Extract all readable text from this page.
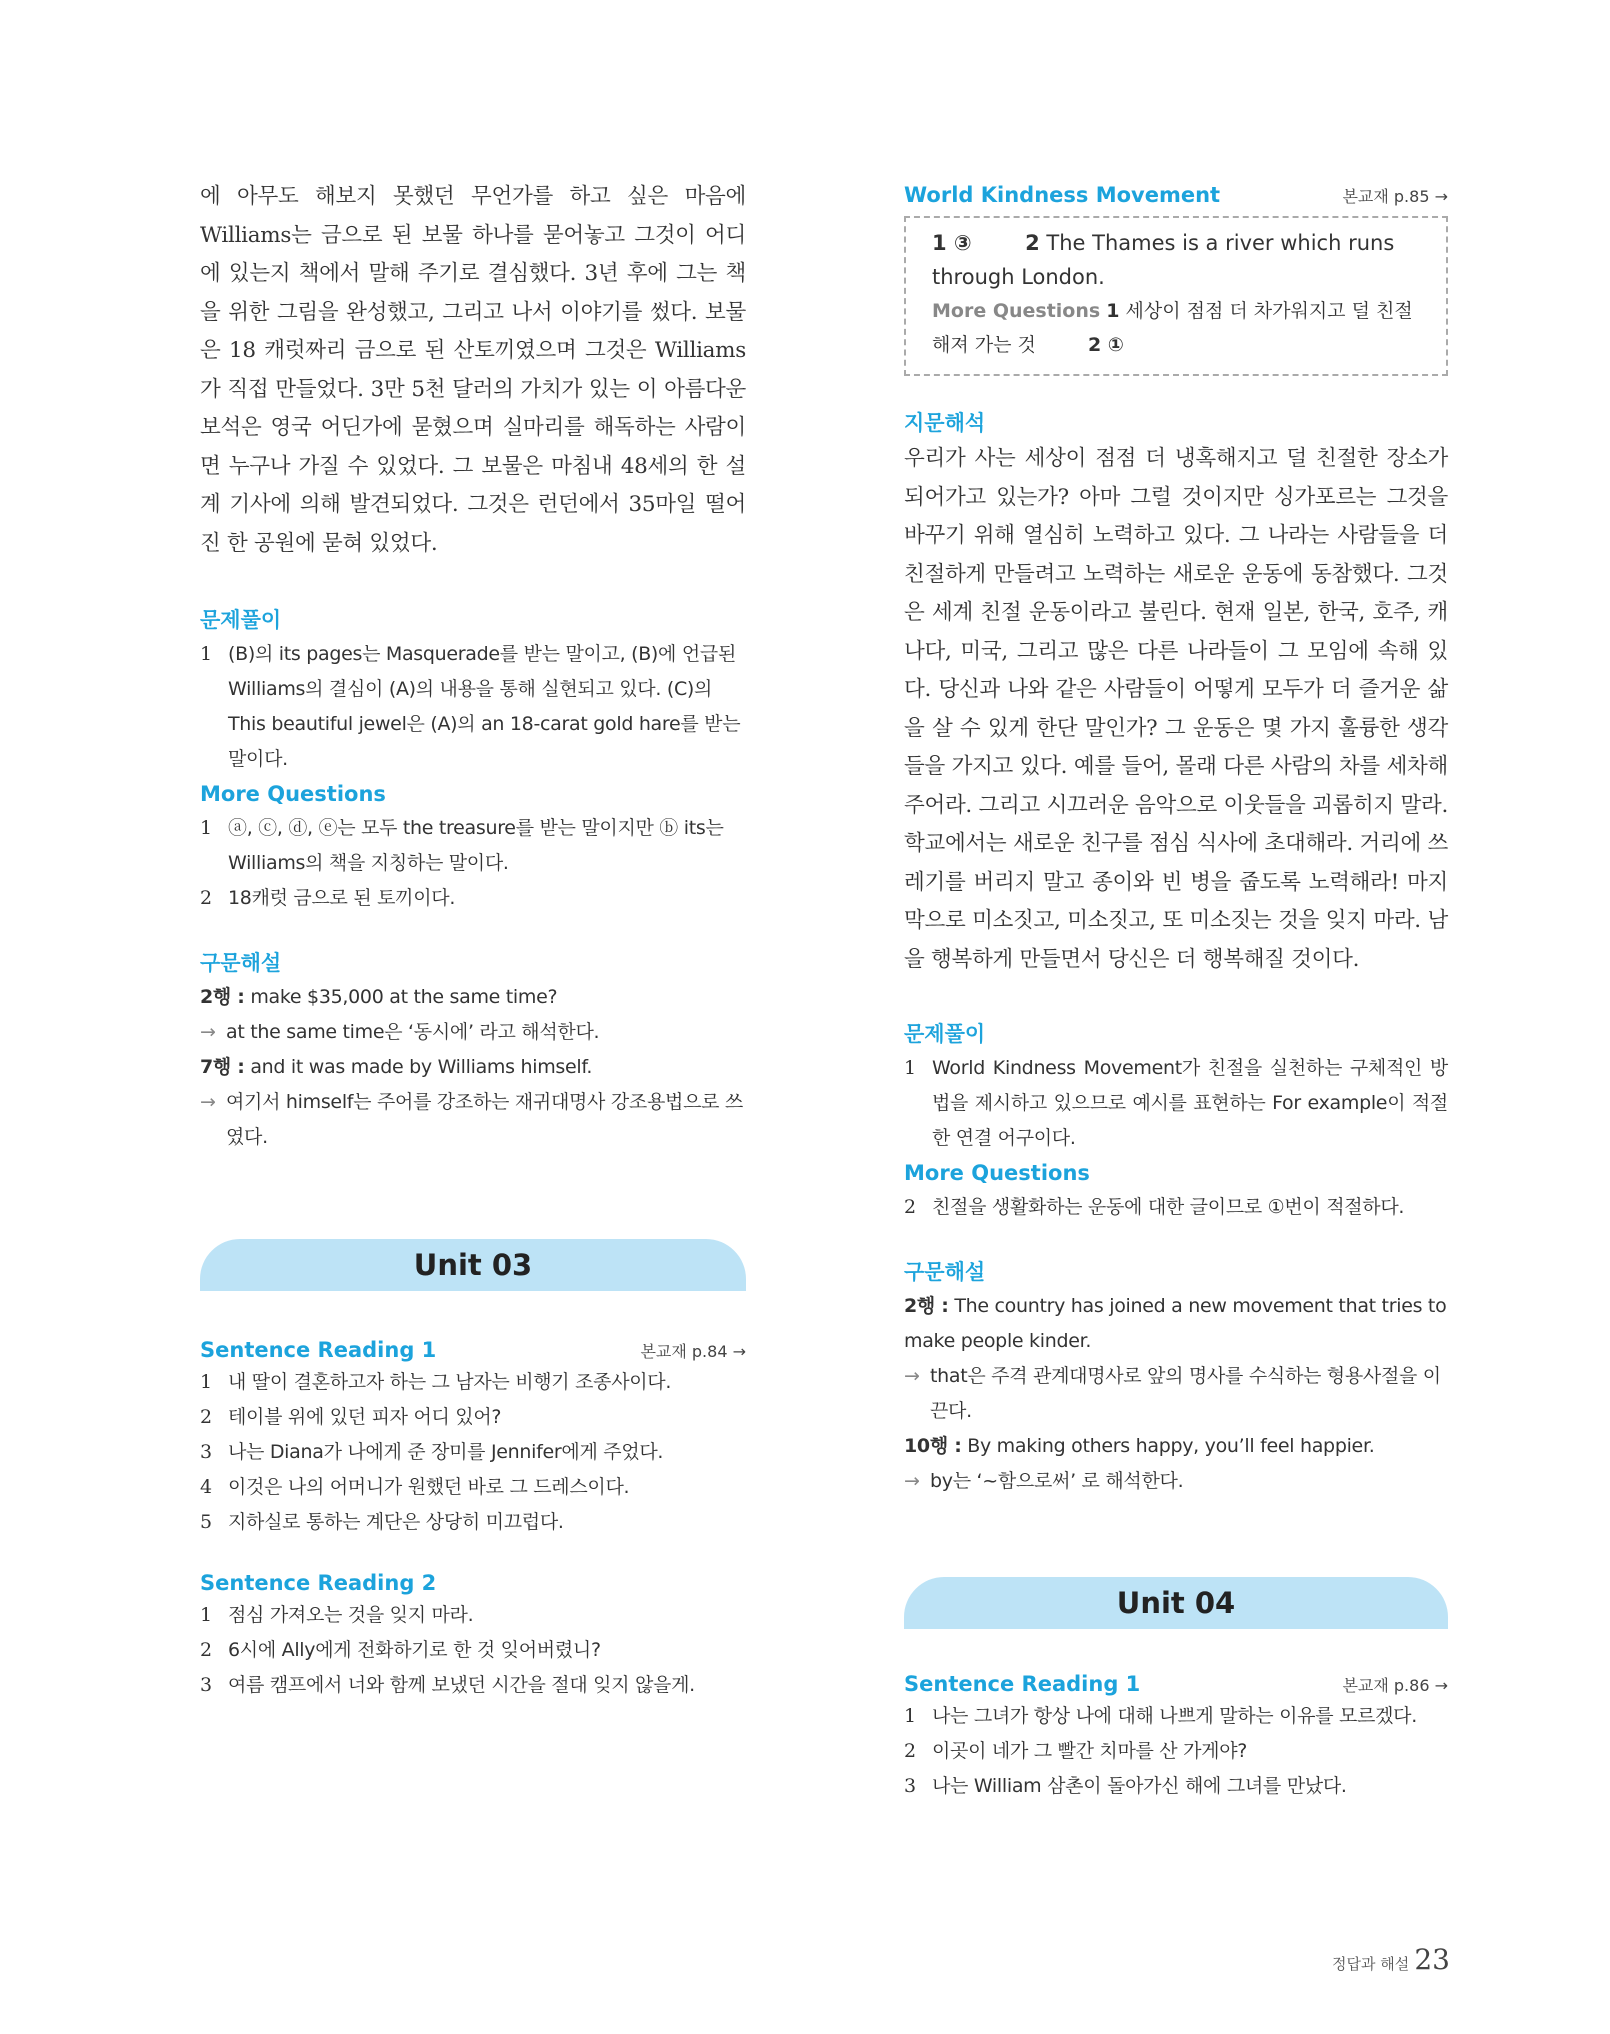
에 아무도 해보지 못했던 무언가를 하고 싶은 마음에 Williams는 금으로 된 보물 하나를 묻어놓고 그것이 어디에 있는지 책에서 말해 주기로 결심했다. 3년 후에 그는 책을 위한 그림을 완성했고, 그리고 나서 이야기를 썼다. 보물은 18 캐럿짜리 금으로 된 산토끼였으며 그것은 Williams가 직접 만들었다. 3만 5천 달러의 가치가 있는 이 아름다운 보석은 영국 어딘가에 묻혔으며 실마리를 해독하는 사람이면 누구나 가질 수 있었다. 그 보물은 마침내 48세의 한 설계 기사에 의해 발견되었다. 그것은 런던에서 35마일 떨어진 한 공원에 묻혀 있었다.

문제풀이

1 (B)의 its pages는 Masquerade를 받는 말이고, (B)에 언급된 Williams의 결심이 (A)의 내용을 통해 실현되고 있다. (C)의 This beautiful jewel은 (A)의 an 18-carat gold hare를 받는 말이다.

More Questions

1 ⓐ, ⓒ, ⓓ, ⓔ는 모두 the treasure를 받는 말이지만 ⓑ its는 Williams의 책을 지칭하는 말이다.
2 18캐럿 금으로 된 토끼이다.

구문해설

2행 : make $35,000 at the same time?
→ at the same time은 ‘동시에’ 라고 해석한다.
7행 : and it was made by Williams himself.
→ 여기서 himself는 주어를 강조하는 재귀대명사 강조용법으로 쓰였다.
Unit 03

Sentence Reading 1	본교재 p.84 →
1 내 딸이 결혼하고자 하는 그 남자는 비행기 조종사이다.
2 테이블 위에 있던 피자 어디 있어?
3 나는 Diana가 나에게 준 장미를 Jennifer에게 주었다.
4 이것은 나의 어머니가 원했던 바로 그 드레스이다.
5 지하실로 통하는 계단은 상당히 미끄럽다.

Sentence Reading 2

1 점심 가져오는 것을 잊지 마라.
2 6시에 Ally에게 전화하기로 한 것 잊어버렸니?
3 여름 캠프에서 너와 함께 보냈던 시간을 절대 잊지 않을게.

World Kindness Movement	본교재 p.85 →
1 ③	2 The Thames is a river which runs through London.
More Questions 1 세상이 점점 더 차가워지고 덜 친절해져 가는 것	2 ①

지문해석

우리가 사는 세상이 점점 더 냉혹해지고 덜 친절한 장소가 되어가고 있는가? 아마 그럴 것이지만 싱가포르는 그것을 바꾸기 위해 열심히 노력하고 있다. 그 나라는 사람들을 더 친절하게 만들려고 노력하는 새로운 운동에 동참했다. 그것은 세계 친절 운동이라고 불린다. 현재 일본, 한국, 호주, 캐나다, 미국, 그리고 많은 다른 나라들이 그 모임에 속해 있다. 당신과 나와 같은 사람들이 어떻게 모두가 더 즐거운 삶을 살 수 있게 한단 말인가? 그 운동은 몇 가지 훌륭한 생각들을 가지고 있다. 예를 들어, 몰래 다른 사람의 차를 세차해 주어라. 그리고 시끄러운 음악으로 이웃들을 괴롭히지 말라. 학교에서는 새로운 친구를 점심 식사에 초대해라. 거리에 쓰레기를 버리지 말고 종이와 빈 병을 줍도록 노력해라! 마지막으로 미소짓고, 미소짓고, 또 미소짓는 것을 잊지 마라. 남을 행복하게 만들면서 당신은 더 행복해질 것이다.

문제풀이

1 World Kindness Movement가 친절을 실천하는 구체적인 방법을 제시하고 있으므로 예시를 표현하는 For example이 적절한 연결 어구이다.

More Questions

2 친절을 생활화하는 운동에 대한 글이므로 ①번이 적절하다.

구문해설

2행 : The country has joined a new movement that tries to make people kinder.
→ that은 주격 관계대명사로 앞의 명사를 수식하는 형용사절을 이끈다.
10행 : By making others happy, you’ll feel happier.
→ by는 ‘~함으로써’ 로 해석한다.
Unit 04

Sentence Reading 1	본교재 p.86 →
1 나는 그녀가 항상 나에 대해 나쁘게 말하는 이유를 모르겠다.
2 이곳이 네가 그 빨간 치마를 산 가게야?
3 나는 William 삼촌이 돌아가신 해에 그녀를 만났다.
정답과 해설 23
